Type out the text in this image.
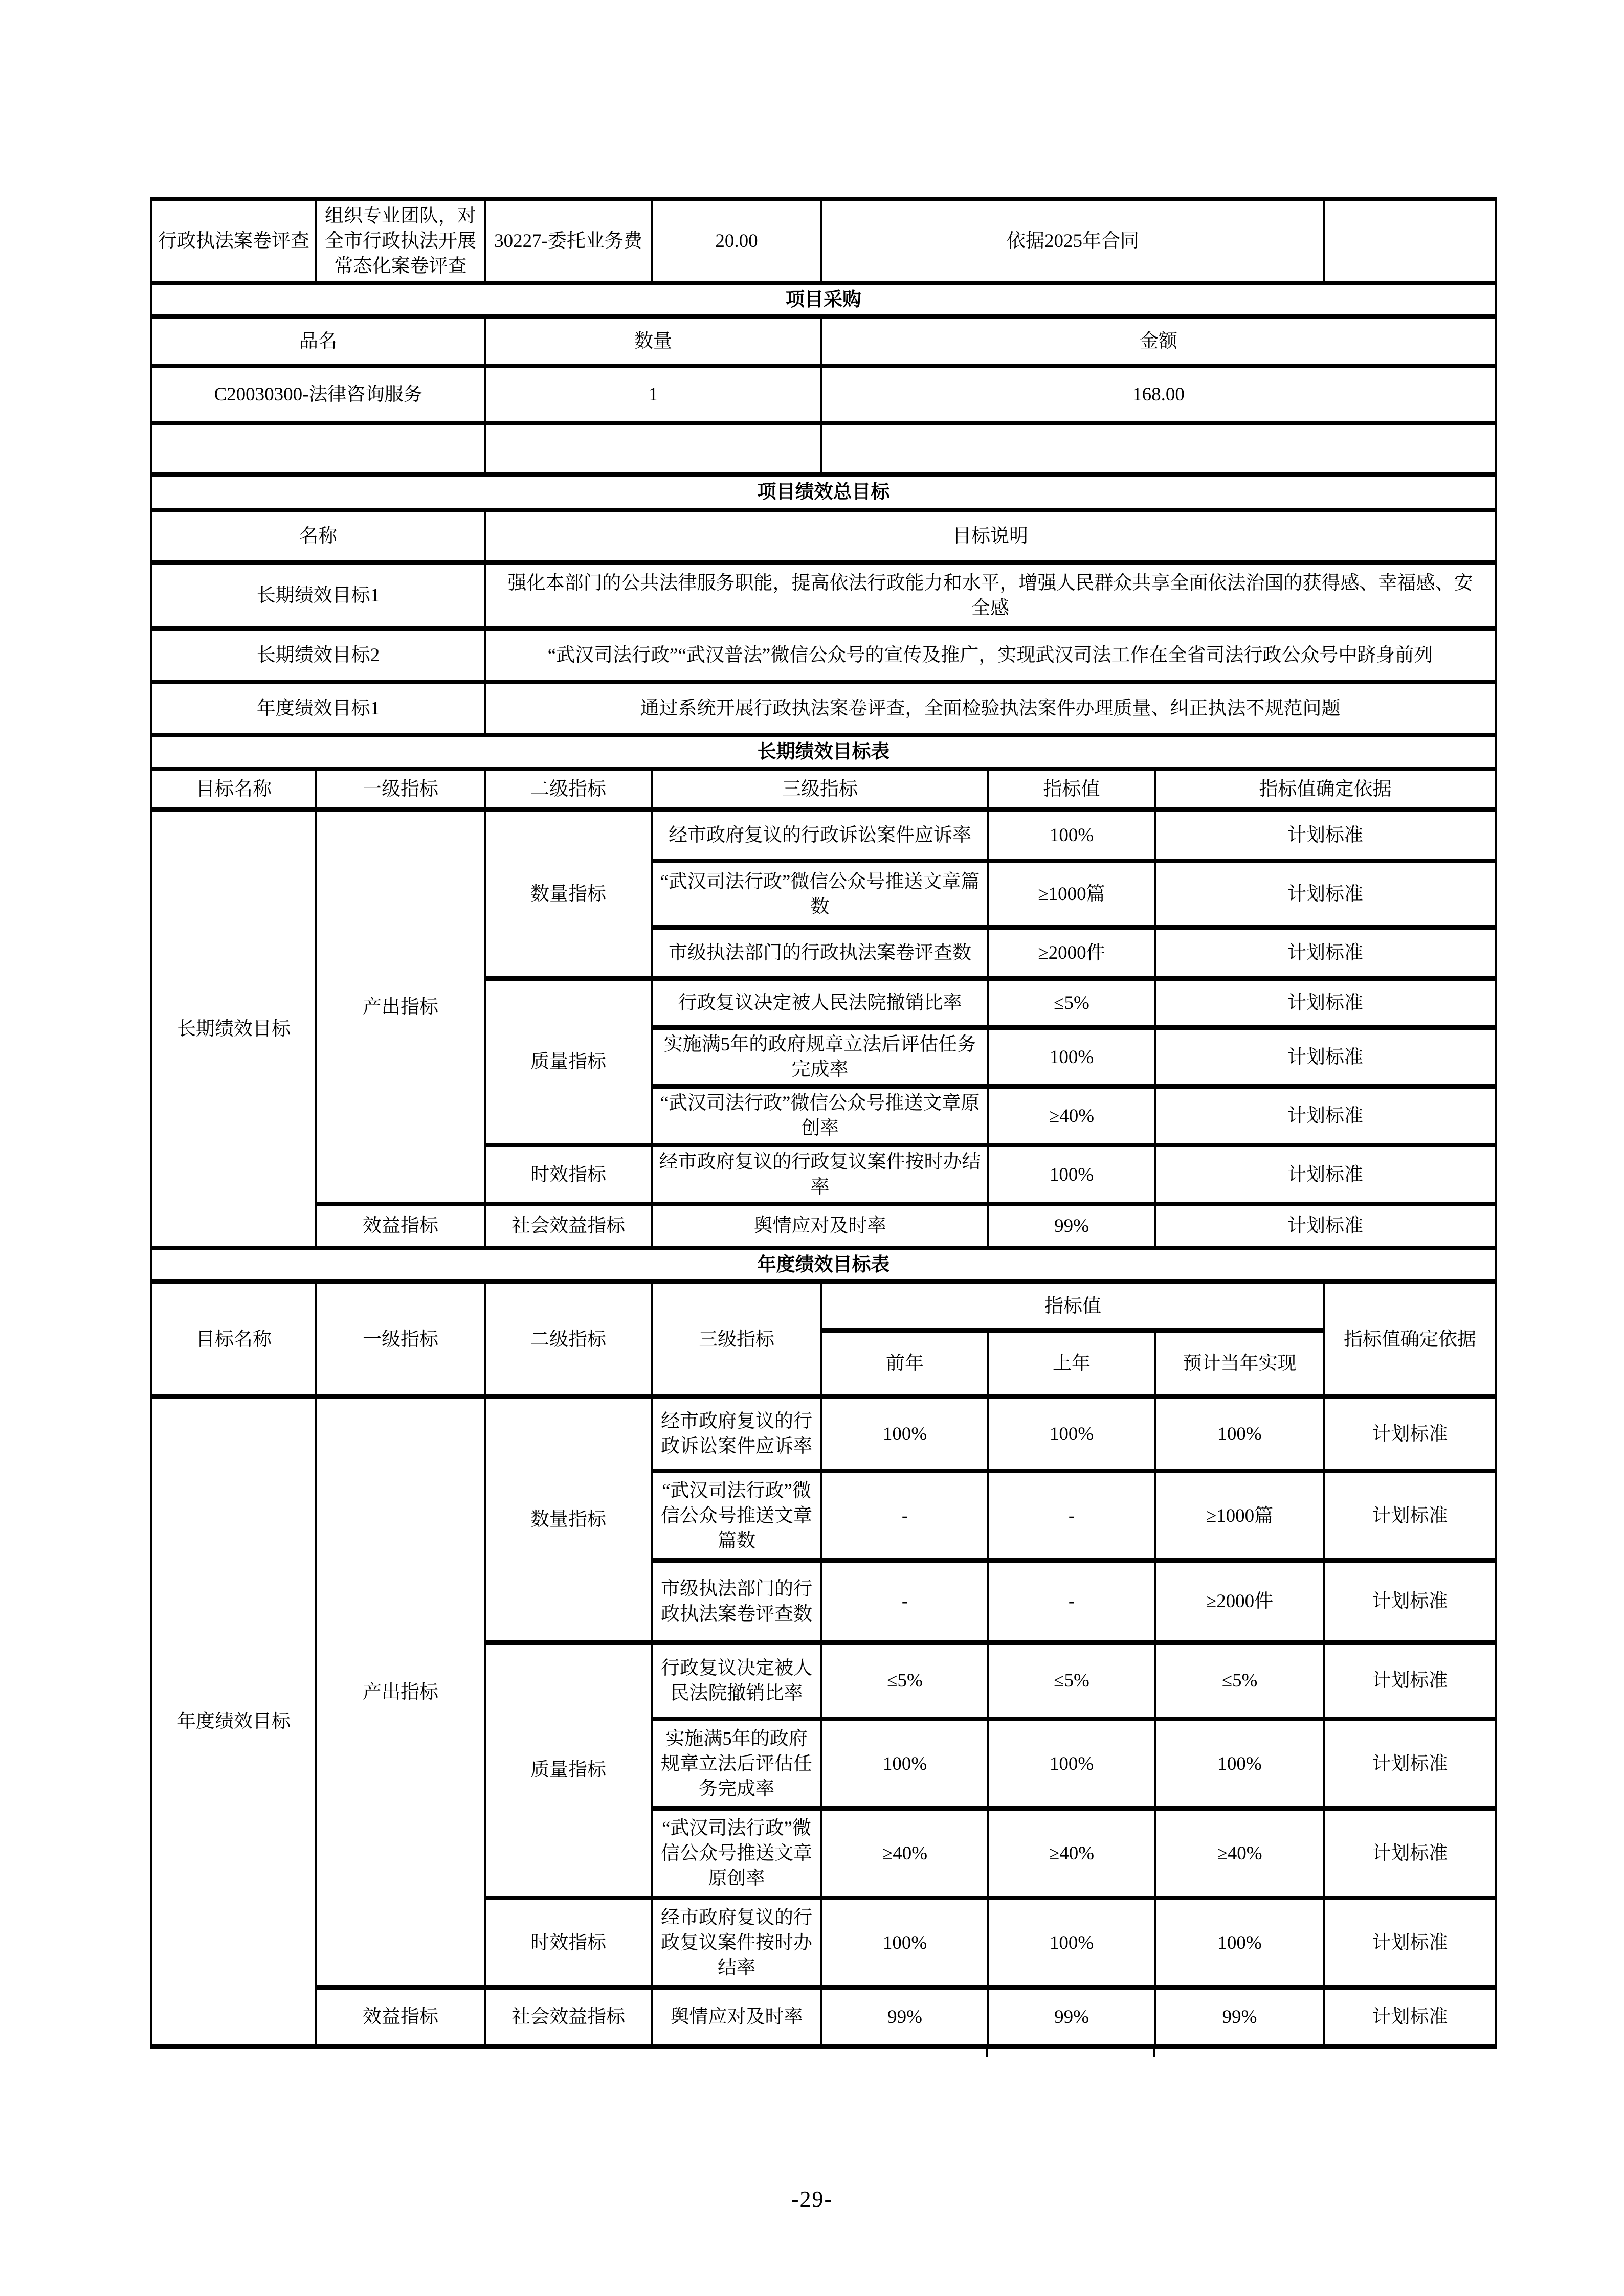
行政执法案卷评查	组织专业团队，对全市行政执法开展常态化案卷评查	30227-委托业务费	20.00	依据2025年合同			
项目采购							
品名		数量		金额			
C20030300-法律咨询服务		1		168.00			

项目绩效总目标							
名称		目标说明					
长期绩效目标1		强化本部门的公共法律服务职能，提高依法行政能力和水平，增强人民群众共享全面依法治国的获得感、幸福感、安全感					
长期绩效目标2		“武汉司法行政”“武汉普法”微信公众号的宣传及推广，实现武汉司法工作在全省司法行政公众号中跻身前列					
年度绩效目标1		通过系统开展行政执法案卷评查，全面检验执法案件办理质量、纠正执法不规范问题					
长期绩效目标表							
目标名称	一级指标	二级指标	三级指标		指标值	指标值确定依据	
长期绩效目标	产出指标	数量指标	经市政府复议的行政诉讼案件应诉率		100%	计划标准	
			“武汉司法行政”微信公众号推送文章篇数		≥1000篇	计划标准	
			市级执法部门的行政执法案卷评查数		≥2000件	计划标准	
		质量指标	行政复议决定被人民法院撤销比率		≤5%	计划标准	
			实施满5年的政府规章立法后评估任务完成率		100%	计划标准	
			“武汉司法行政”微信公众号推送文章原创率		≥40%	计划标准	
		时效指标	经市政府复议的行政复议案件按时办结率		100%	计划标准	
	效益指标	社会效益指标	舆情应对及时率		99%	计划标准	
年度绩效目标表							
目标名称	一级指标	二级指标	三级指标	指标值			指标值确定依据
				前年	上年	预计当年实现	
年度绩效目标	产出指标	数量指标	经市政府复议的行政诉讼案件应诉率	100%	100%	100%	计划标准
			“武汉司法行政”微信公众号推送文章篇数	-	-	≥1000篇	计划标准
			市级执法部门的行政执法案卷评查数	-	-	≥2000件	计划标准
		质量指标	行政复议决定被人民法院撤销比率	≤5%	≤5%	≤5%	计划标准
			实施满5年的政府规章立法后评估任务完成率	100%	100%	100%	计划标准
			“武汉司法行政”微信公众号推送文章原创率	≥40%	≥40%	≥40%	计划标准
		时效指标	经市政府复议的行政复议案件按时办结率	100%	100%	100%	计划标准
	效益指标	社会效益指标	舆情应对及时率	99%	99%	99%	计划标准
-29-
